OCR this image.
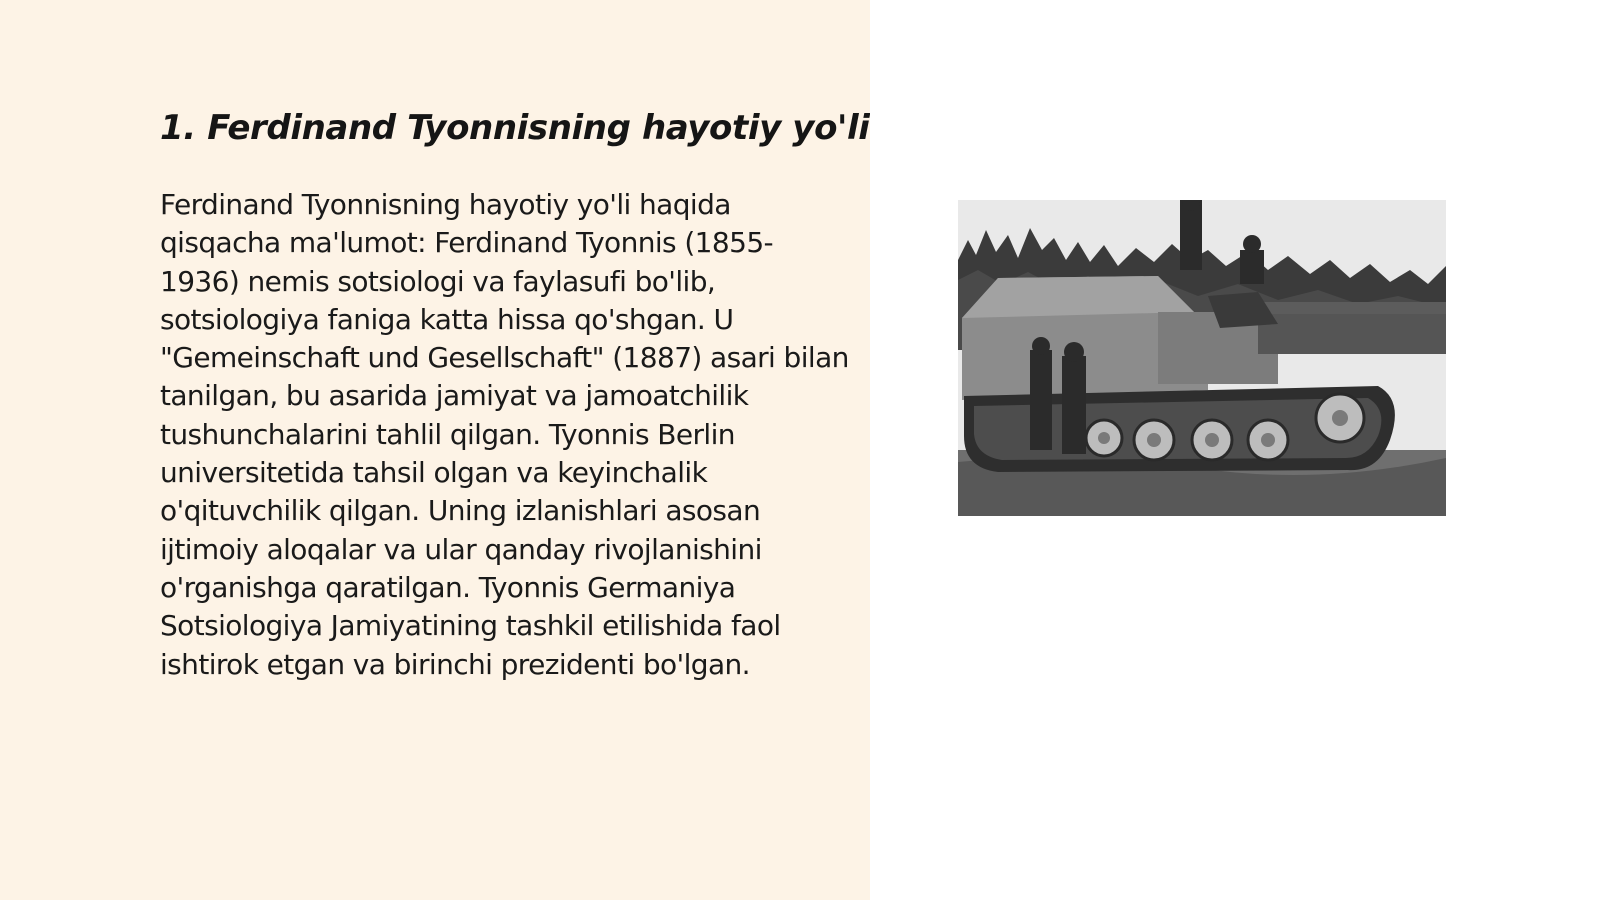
1. Ferdinand Tyonnisning hayotiy yo'li

Ferdinand Tyonnisning hayotiy yo'li haqida qisqacha ma'lumot: Ferdinand Tyonnis (1855-1936) nemis sotsiologi va faylasufi bo'lib, sotsiologiya faniga katta hissa qo'shgan. U "Gemeinschaft und Gesellschaft" (1887) asari bilan tanilgan, bu asarida jamiyat va jamoatchilik tushunchalarini tahlil qilgan. Tyonnis Berlin universitetida tahsil olgan va keyinchalik o'qituvchilik qilgan. Uning izlanishlari asosan ijtimoiy aloqalar va ular qanday rivojlanishini o'rganishga qaratilgan. Tyonnis Germaniya Sotsiologiya Jamiyatining tashkil etilishida faol ishtirok etgan va birinchi prezidenti bo'lgan.
